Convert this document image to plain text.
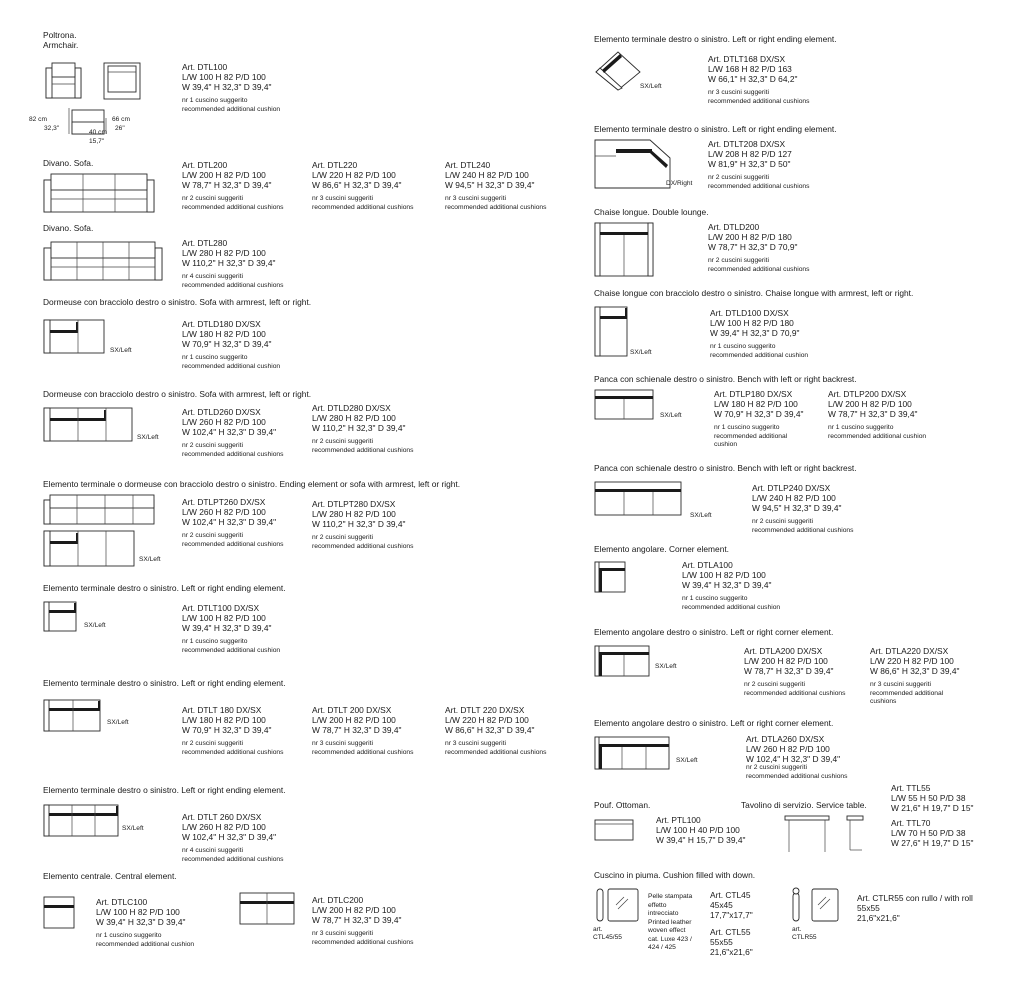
Poltrona.
Armchair.
82 cm
32,3"
66 cm
26"
40 cm
15,7"
Art. DTL100
L/W 100 H 82 P/D 100
W 39,4" H 32,3" D 39,4"
nr 1 cuscino suggerito
recommended additional cushion
Divano. Sofa.	Art. DTL200
L/W 200 H 82 P/D 100
W 78,7" H 32,3" D 39,4"
nr 2 cuscini suggeriti
recommended additional cushions
Art. DTL220
L/W 220 H 82 P/D 100
W 86,6" H 32,3" D 39,4"
nr 3 cuscini suggeriti
recommended additional cushions
Art. DTL240
L/W 240 H 82 P/D 100
W 94,5" H 32,3" D 39,4"
nr 3 cuscini suggeriti
recommended additional cushions
Divano. Sofa.
Art. DTL280
L/W 280 H 82 P/D 100
W 110,2" H 32,3" D 39,4"
nr 4 cuscini suggeriti
recommended additional cushions
Dormeuse con bracciolo destro o sinistro. Sofa with armrest, left or right.
SX/Left
Art. DTLD180 DX/SX
L/W 180 H 82 P/D 100
W 70,9" H 32,3" D 39,4"
nr 1 cuscino suggerito
recommended additional cushion
Dormeuse con bracciolo destro o sinistro. Sofa with armrest, left or right.
SX/Left
Art. DTLD260 DX/SX
L/W 260 H 82 P/D 100
W 102,4" H 32,3" D 39,4"
nr 2 cuscini suggeriti
recommended additional cushions
Art. DTLD280 DX/SX
L/W 280 H 82 P/D 100
W 110,2" H 32,3" D 39,4"
nr 2 cuscini suggeriti
recommended additional cushions
Elemento terminale o dormeuse con bracciolo destro o sinistro. Ending element or sofa with armrest, left or right.
SX/Left
Art. DTLPT260 DX/SX
L/W 260 H 82 P/D 100
W 102,4" H 32,3" D 39,4"
nr 2 cuscini suggeriti
recommended additional cushions
Art. DTLPT280 DX/SX
L/W 280 H 82 P/D 100
W 110,2" H 32,3" D 39,4"
nr 2 cuscini suggeriti
recommended additional cushions
Elemento terminale destro o sinistro. Left or right ending element.
SX/Left
Art. DTLT100 DX/SX
L/W 100 H 82 P/D 100
W 39,4" H 32,3" D 39,4"
nr 1 cuscino suggerito
recommended additional cushion
Elemento terminale destro o sinistro. Left or right ending element.
SX/Left
Art. DTLT 180 DX/SX
L/W 180 H 82 P/D 100
W 70,9" H 32,3" D 39,4"
nr 2 cuscini suggeriti
recommended additional cushions
Art. DTLT 200 DX/SX
L/W 200 H 82 P/D 100
W 78,7" H 32,3" D 39,4"
nr 3 cuscini suggeriti
recommended additional cushions
Art. DTLT 220 DX/SX
L/W 220 H 82 P/D 100
W 86,6" H 32,3" D 39,4"
nr 3 cuscini suggeriti
recommended additional cushions
Elemento terminale destro o sinistro. Left or right ending element.
SX/Left
Art. DTLT 260 DX/SX
L/W 260 H 82 P/D 100
W 102,4" H 32,3" D 39,4"
nr 4 cuscini suggeriti
recommended additional cushions
Elemento centrale. Central element.
Art. DTLC100
L/W 100 H 82 P/D 100
W 39,4" H 32,3" D 39,4"
nr 1 cuscino suggerito
recommended additional cushion
Art. DTLC200
L/W 200 H 82 P/D 100
W 78,7" H 32,3" D 39,4"
nr 3 cuscini suggeriti
recommended additional cushions
Elemento terminale destro o sinistro. Left or right ending element.
SX/Left
Art. DTLT168 DX/SX
L/W 168 H 82 P/D 163
W 66,1" H 32,3" D 64,2"
nr 3 cuscini suggeriti
recommended additional cushions
Elemento terminale destro o sinistro. Left or right ending element.
DX/Right
Art. DTLT208 DX/SX
L/W 208 H 82 P/D 127
W 81,9" H 32,3" D 50"
nr 2 cuscini suggeriti
recommended additional cushions
Chaise longue. Double lounge.
Art. DTLD200
L/W 200 H 82 P/D 180
W 78,7" H 32,3" D 70,9"
nr 2 cuscini suggeriti
recommended additional cushions
Chaise longue con bracciolo destro o sinistro. Chaise longue with armrest, left or right.
SX/Left
Art. DTLD100 DX/SX
L/W 100 H 82 P/D 180
W 39,4" H 32,3" D 70,9"
nr 1 cuscino suggerito
recommended additional cushion
Panca con schienale destro o sinistro. Bench with left or right backrest.
SX/Left
Art. DTLP180 DX/SX
L/W 180 H 82 P/D 100
W 70,9" H 32,3" D 39,4"
nr 1 cuscino suggerito
recommended additional
cushion
Art. DTLP200 DX/SX
L/W 200 H 82 P/D 100
W 78,7" H 32,3" D 39,4"
nr 1 cuscino suggerito
recommended additional cushion
Panca con schienale destro o sinistro. Bench with left or right backrest.
SX/Left
Art. DTLP240 DX/SX
L/W 240 H 82 P/D 100
W 94,5" H 32,3" D 39,4"
nr 2 cuscini suggeriti
recommended additional cushions
Elemento angolare. Corner element.
Art. DTLA100
L/W 100 H 82 P/D 100
W 39,4" H 32,3" D 39,4"
nr 1 cuscino suggerito
recommended additional cushion
Elemento angolare destro o sinistro. Left or right corner element.
SX/Left
Art. DTLA200 DX/SX
L/W 200 H 82 P/D 100
W 78,7" H 32,3" D 39,4"
nr 2 cuscini suggeriti
recommended additional cushions
Art. DTLA220 DX/SX
L/W 220 H 82 P/D 100
W 86,6" H 32,3" D 39,4"
nr 3 cuscini suggeriti
recommended additional
cushions
Elemento angolare destro o sinistro. Left or right corner element.
SX/Left
Art. DTLA260 DX/SX
L/W 260 H 82 P/D 100
W 102,4" H 32,3" D 39,4"
nr 2 cuscini suggeriti
recommended additional cushions
Pouf. Ottoman.
Art. PTL100
L/W 100 H 40 P/D 100
W 39,4" H 15,7" D 39,4"
Tavolino di servizio. Service table.
Art. TTL55
L/W 55 H 50 P/D 38
W 21,6" H 19,7" D 15"
Art. TTL70
L/W 70 H 50 P/D 38
W 27,6" H 19,7" D 15"
Cuscino in piuma. Cushion filled with down.
art.
CTL45/55
Pelle stampata
effetto
intrecciato
Printed leather
woven effect
cat. Luxe 423 /
424 / 425
Art. CTL45
45x45
17,7"x17,7"
Art. CTL55
55x55
21,6"x21,6"
art.
CTLR55
Art. CTLR55 con rullo / with roll
55x55
21,6"x21,6"
